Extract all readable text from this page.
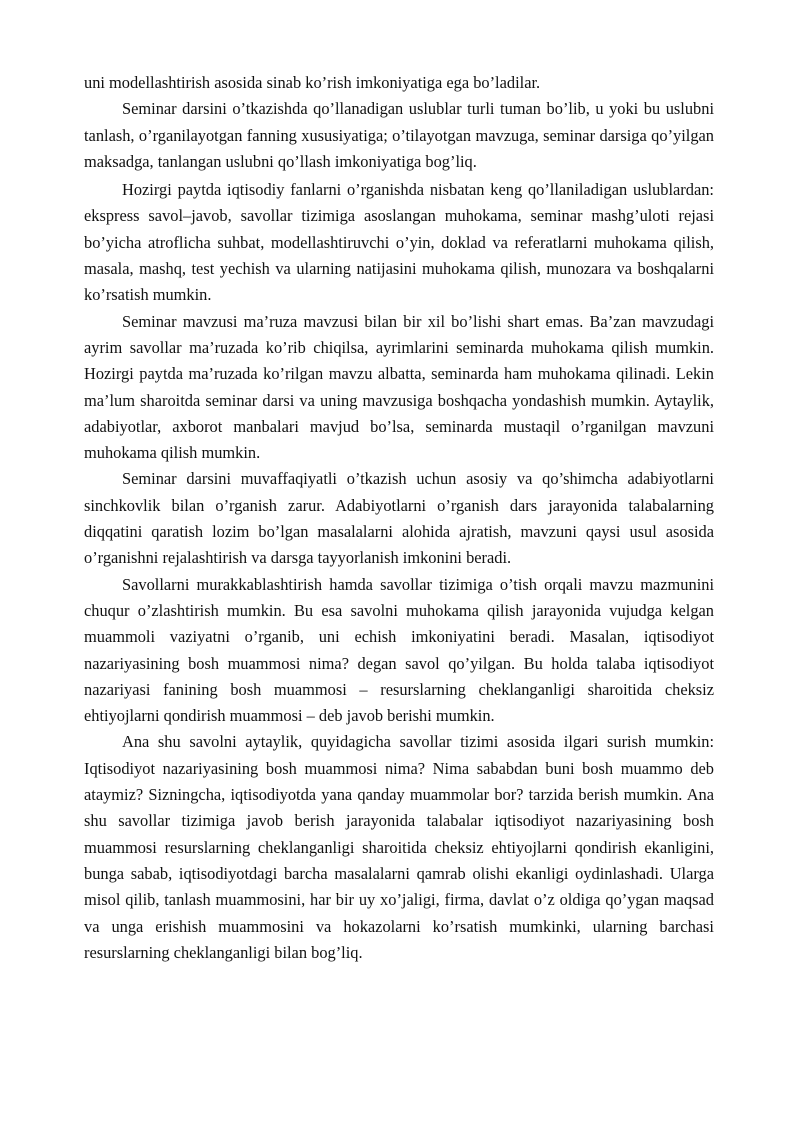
uni modellashtirish asosida sinab ko’rish imkoniyatiga ega bo’ladilar.

Seminar darsini o’tkazishda qo’llanadigan uslublar turli tuman bo’lib, u yoki bu uslubni tanlash, o’rganilayotgan fanning xususiyatiga; o’tilayotgan mavzuga, seminar darsiga qo’yilgan maksadga, tanlangan uslubni qo’llash imkoniyatiga bog’liq.

Hozirgi paytda iqtisodiy fanlarni o’rganishda nisbatan keng qo’llaniladigan uslublardan: ekspress savol–javob, savollar tizimiga asoslangan muhokama, seminar mashg’uloti rejasi bo’yicha atroflicha suhbat, modellashtiruvchi o’yin, doklad va referatlarni muhokama qilish, masala, mashq, test yechish va ularning natijasini muhokama qilish, munozara va boshqalarni ko’rsatish mumkin.

Seminar mavzusi ma’ruza mavzusi bilan bir xil bo’lishi shart emas. Ba’zan mavzudagi ayrim savollar ma’ruzada ko’rib chiqilsa, ayrimlarini seminarda muhokama qilish mumkin. Hozirgi paytda ma’ruzada ko’rilgan mavzu albatta, seminarda ham muhokama qilinadi. Lekin ma’lum sharoitda seminar darsi va uning mavzusiga boshqacha yondashish mumkin. Aytaylik, adabiyotlar, axborot manbalari mavjud bo’lsa, seminarda mustaqil o’rganilgan mavzuni muhokama qilish mumkin.

Seminar darsini muvaffaqiyatli o’tkazish uchun asosiy va qo’shimcha adabiyotlarni sinchkovlik bilan o’rganish zarur. Adabiyotlarni o’rganish dars jarayonida talabalarning diqqatini qaratish lozim bo’lgan masalalarni alohida ajratish, mavzuni qaysi usul asosida o’rganishni rejalashtirish va darsga tayyorlanish imkonini beradi.

Savollarni murakkablashtirish hamda savollar tizimiga o’tish orqali mavzu mazmunini chuqur o’zlashtirish mumkin. Bu esa savolni muhokama qilish jarayonida vujudga kelgan muammoli vaziyatni o’rganib, uni echish imkoniyatini beradi. Masalan, iqtisodiyot nazariyasining bosh muammosi nima? degan savol qo’yilgan. Bu holda talaba iqtisodiyot nazariyasi fanining bosh muammosi – resurslarning cheklanganligi sharoitida cheksiz ehtiyojlarni qondirish muammosi – deb javob berishi mumkin.

Ana shu savolni aytaylik, quyidagicha savollar tizimi asosida ilgari surish mumkin: Iqtisodiyot nazariyasining bosh muammosi nima? Nima sababdan buni bosh muammo deb ataymiz? Sizningcha, iqtisodiyotda yana qanday muammolar bor? tarzida berish mumkin. Ana shu savollar tizimiga javob berish jarayonida talabalar iqtisodiyot nazariyasining bosh muammosi resurslarning cheklanganligi sharoitida cheksiz ehtiyojlarni qondirish ekanligini, bunga sabab, iqtisodiyotdagi barcha masalalarni qamrab olishi ekanligi oydinlashadi. Ularga misol qilib, tanlash muammosini, har bir uy xo’jaligi, firma, davlat o’z oldiga qo’ygan maqsad va unga erishish muammosini va hokazolarni ko’rsatish mumkinki, ularning barchasi resurslarning cheklanganligi bilan bog’liq.
